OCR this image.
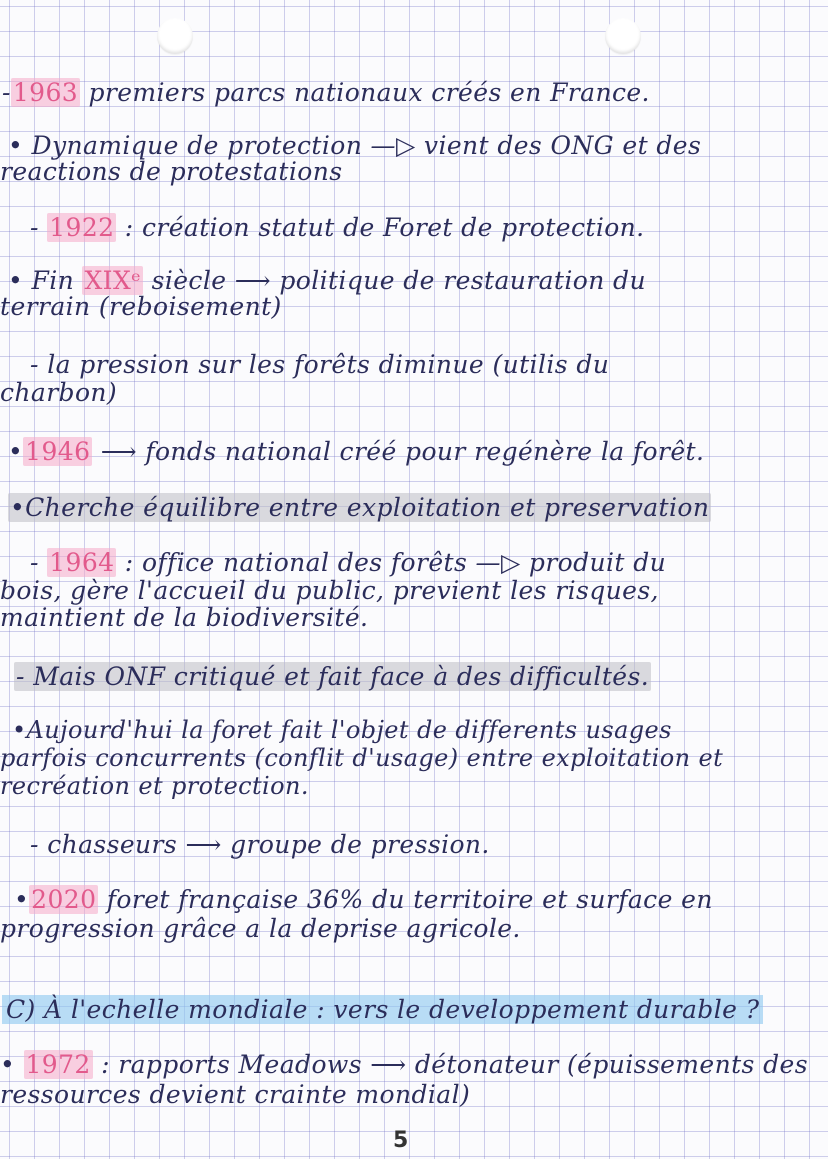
-1963 premiers parcs nationaux créés en France.
• Dynamique de protection —▷ vient des ONG et des
reactions de protestations
- 1922 : création statut de Foret de protection.
• Fin XIXᵉ siècle ⟶ politique de restauration du
terrain (reboisement)
- la pression sur les forêts diminue (utilis du
charbon)
•1946 ⟶ fonds national créé pour regénère la forêt.
•Cherche équilibre entre exploitation et preservation
- 1964 : office national des forêts —▷ produit du
bois, gère l'accueil du public, previent les risques,
maintient de la biodiversité.
- Mais ONF critiqué et fait face à des difficultés.
•Aujourd'hui la foret fait l'objet de differents usages
parfois concurrents (conflit d'usage) entre exploitation et
recréation et protection.
- chasseurs ⟶ groupe de pression.
•2020 foret française 36% du territoire et surface en
progression grâce a la deprise agricole.
C) À l'echelle mondiale : vers le developpement durable ?
• 1972 : rapports Meadows ⟶ détonateur (épuissements des
ressources devient crainte mondial)
5
